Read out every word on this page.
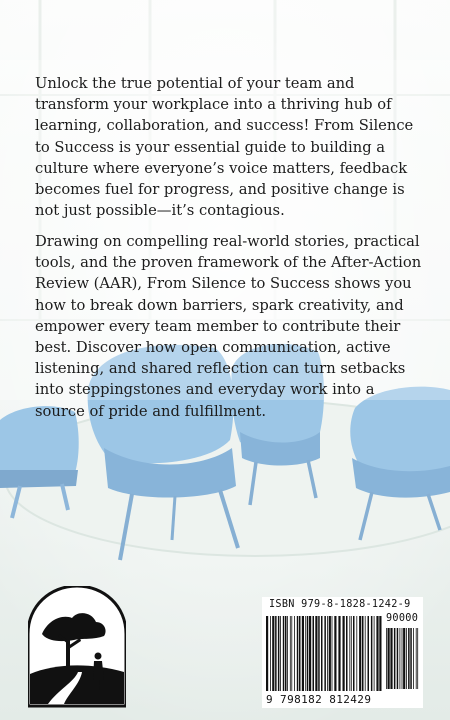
Unlock the true potential of your team and transform your workplace into a thriving hub of learning, collaboration, and success! From Silence to Success is your essential guide to building a culture where everyone’s voice matters, feedback becomes fuel for progress, and positive change is not just possible—it’s contagious.

Drawing on compelling real-world stories, practical tools, and the proven framework of the After-Action Review (AAR), From Silence to Success shows you how to break down barriers, spark creativity, and empower every team member to contribute their best. Discover how open communication, active listening, and shared reflection can turn setbacks into steppingstones and everyday work into a source of pride and fulfillment.

ISBN 979-8-1828-1242-9

90000

9 798182 812429
